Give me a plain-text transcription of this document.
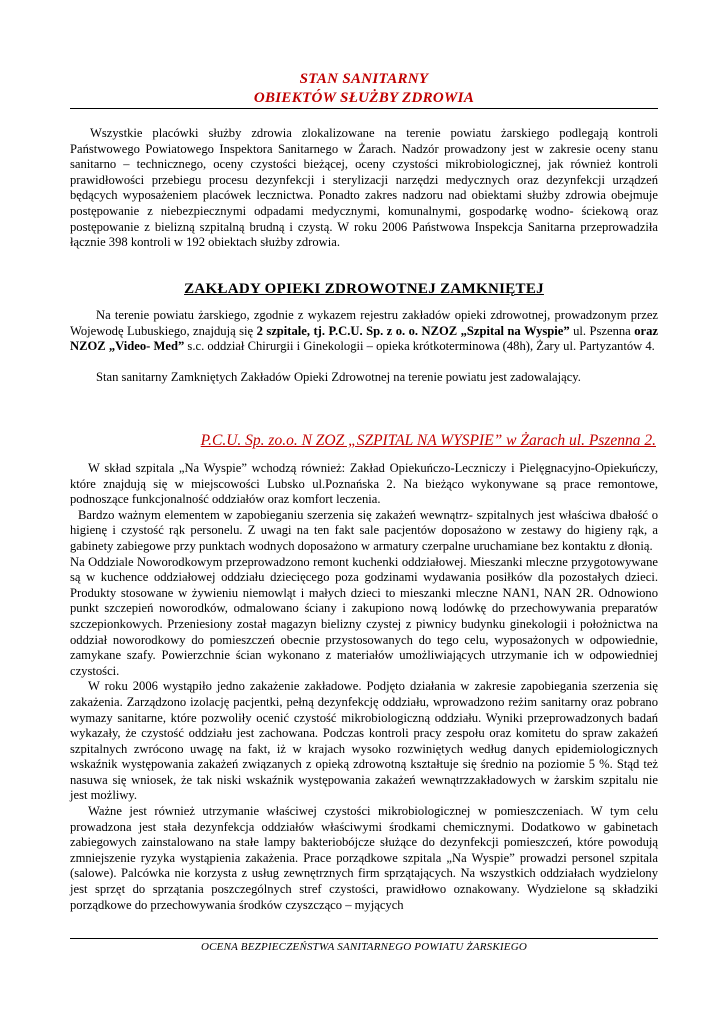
STAN SANITARNY
OBIEKTÓW SŁUŻBY ZDROWIA

Wszystkie placówki służby zdrowia zlokalizowane na terenie powiatu żarskiego podlegają kontroli Państwowego Powiatowego Inspektora Sanitarnego w Żarach. Nadzór prowadzony jest w zakresie oceny stanu sanitarno – technicznego, oceny czystości bieżącej, oceny czystości mikrobiologicznej, jak również kontroli prawidłowości przebiegu procesu dezynfekcji i sterylizacji narzędzi medycznych oraz dezynfekcji urządzeń będących wyposażeniem placówek lecznictwa. Ponadto zakres nadzoru nad obiektami służby zdrowia obejmuje postępowanie z niebezpiecznymi odpadami medycznymi, komunalnymi, gospodarkę wodno- ściekową oraz postępowanie z bielizną szpitalną brudną i czystą. W roku 2006 Państwowa Inspekcja Sanitarna przeprowadziła łącznie 398 kontroli w 192 obiektach służby zdrowia.

ZAKŁADY OPIEKI ZDROWOTNEJ ZAMKNIĘTEJ

Na terenie powiatu żarskiego, zgodnie z wykazem rejestru zakładów opieki zdrowotnej, prowadzonym przez Wojewodę Lubuskiego, znajdują się 2 szpitale, tj. P.C.U. Sp. z o. o. NZOZ „Szpital na Wyspie” ul. Pszenna oraz NZOZ „Video- Med” s.c. oddział Chirurgii i Ginekologii – opieka krótkoterminowa (48h), Żary ul. Partyzantów 4.

Stan sanitarny Zamkniętych Zakładów Opieki Zdrowotnej na terenie powiatu jest zadowalający.

P.C.U. Sp. zo.o. N ZOZ „SZPITAL NA WYSPIE” w Żarach ul. Pszenna 2.

W skład szpitala „Na Wyspie” wchodzą również: Zakład Opiekuńczo-Leczniczy i Pielęgnacyjno-Opiekuńczy, które znajdują się w miejscowości Lubsko ul.Poznańska 2. Na bieżąco wykonywane są prace remontowe, podnoszące funkcjonalność oddziałów oraz komfort leczenia.

Bardzo ważnym elementem w zapobieganiu szerzenia się zakażeń wewnątrz- szpitalnych jest właściwa dbałość o higienę i czystość rąk personelu. Z uwagi na ten fakt sale pacjentów doposażono w zestawy do higieny rąk, a gabinety zabiegowe przy punktach wodnych doposażono w armatury czerpalne uruchamiane bez kontaktu z dłonią.

Na Oddziale Noworodkowym przeprowadzono remont kuchenki oddziałowej. Mieszanki mleczne przygotowywane są w kuchence oddziałowej oddziału dziecięcego poza godzinami wydawania posiłków dla pozostałych dzieci. Produkty stosowane w żywieniu niemowląt i małych dzieci to mieszanki mleczne NAN1, NAN 2R. Odnowiono punkt szczepień noworodków, odmalowano ściany i zakupiono nową lodówkę do przechowywania preparatów szczepionkowych. Przeniesiony został magazyn bielizny czystej z piwnicy budynku ginekologii i położnictwa na oddział noworodkowy do pomieszczeń obecnie przystosowanych do tego celu, wyposażonych w odpowiednie, zamykane szafy. Powierzchnie ścian wykonano z materiałów umożliwiających utrzymanie ich w odpowiedniej czystości.

W roku 2006 wystąpiło jedno zakażenie zakładowe. Podjęto działania w zakresie zapobiegania szerzenia się zakażenia. Zarządzono izolację pacjentki, pełną dezynfekcję oddziału, wprowadzono reżim sanitarny oraz pobrano wymazy sanitarne, które pozwoliły ocenić czystość mikrobiologiczną oddziału. Wyniki przeprowadzonych badań wykazały, że czystość oddziału jest zachowana. Podczas kontroli pracy zespołu oraz komitetu do spraw zakażeń szpitalnych zwrócono uwagę na fakt, iż w krajach wysoko rozwiniętych według danych epidemiologicznych wskaźnik występowania zakażeń związanych z opieką zdrowotną kształtuje się średnio na poziomie 5 %. Stąd też nasuwa się wniosek, że tak niski wskaźnik występowania zakażeń wewnątrzzakładowych w żarskim szpitalu nie jest możliwy.

Ważne jest również utrzymanie właściwej czystości mikrobiologicznej w pomieszczeniach. W tym celu prowadzona jest stała dezynfekcja oddziałów właściwymi środkami chemicznymi. Dodatkowo w gabinetach zabiegowych zainstalowano na stałe lampy bakteriobójcze służące do dezynfekcji pomieszczeń, które powodują zmniejszenie ryzyka wystąpienia zakażenia. Prace porządkowe szpitala „Na Wyspie” prowadzi personel szpitala (salowe). Palcówka nie korzysta z usług zewnętrznych firm sprzątających. Na wszystkich oddziałach wydzielony jest sprzęt do sprzątania poszczególnych stref czystości, prawidłowo oznakowany. Wydzielone są składziki porządkowe do przechowywania środków czyszcząco – myjących

OCENA BEZPIECZEŃSTWA SANITARNEGO POWIATU ŻARSKIEGO
